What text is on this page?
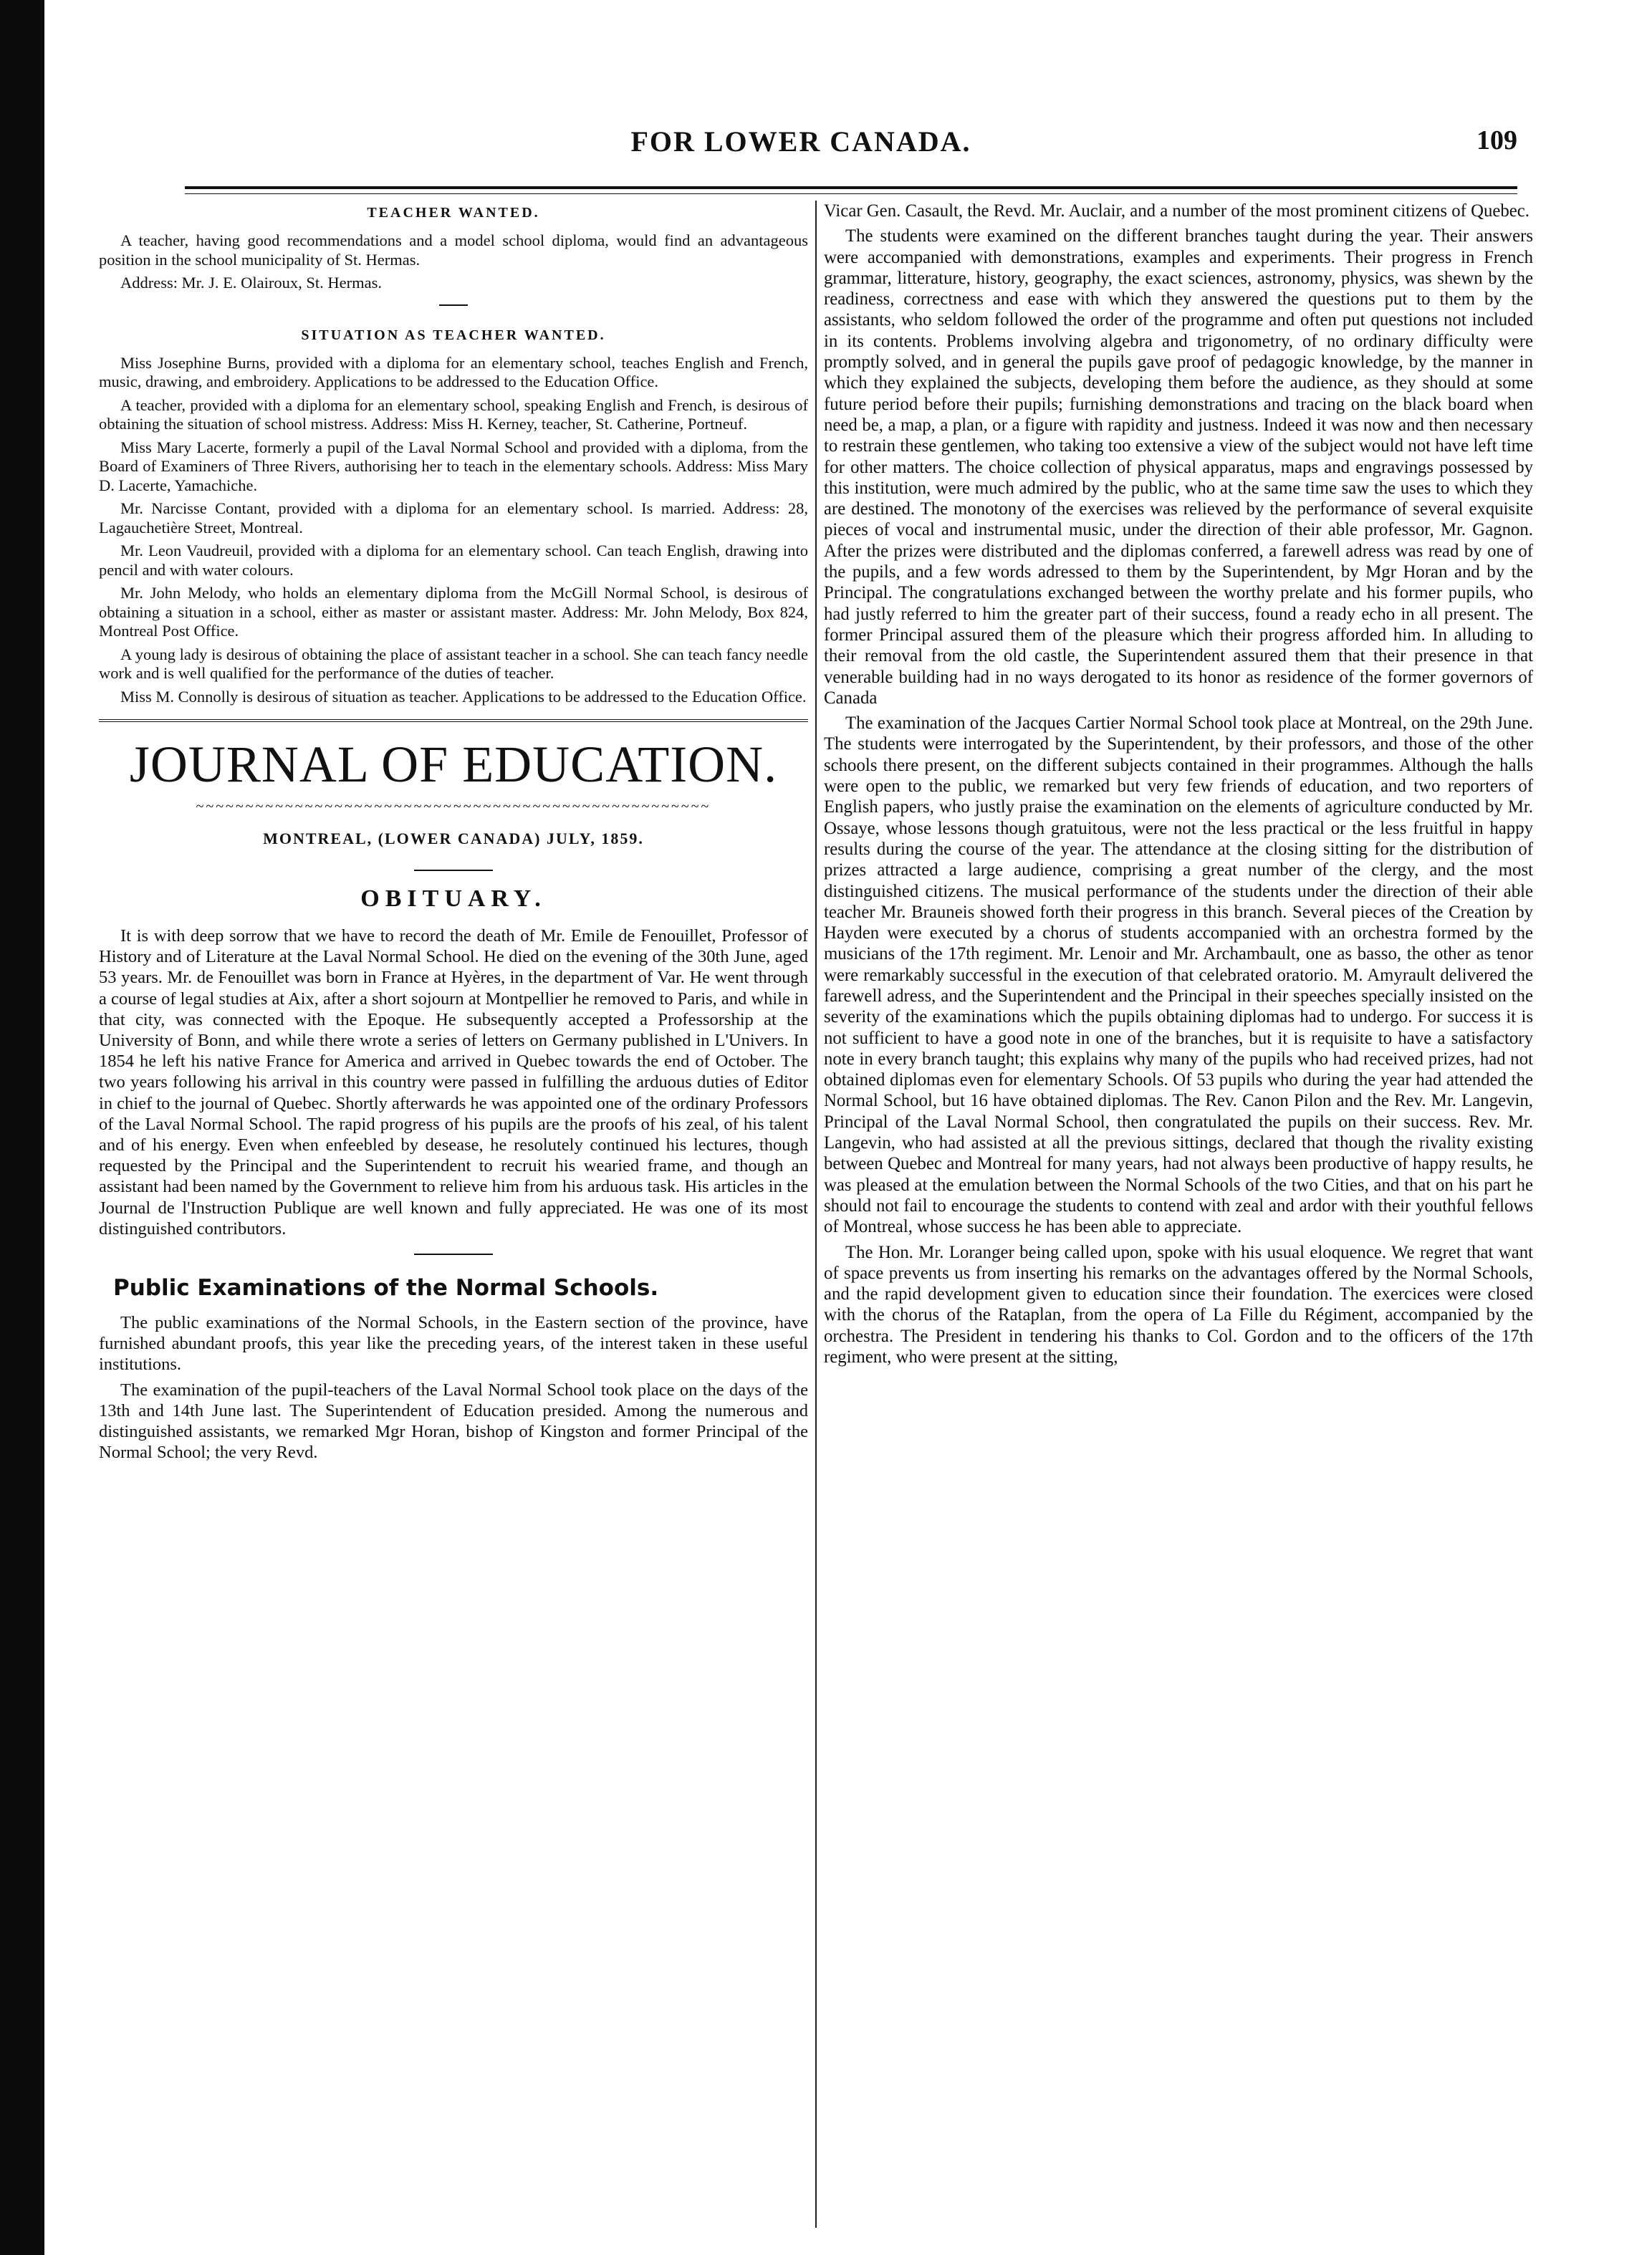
FOR LOWER CANADA.	109
TEACHER WANTED.

A teacher, having good recommendations and a model school diploma, would find an advantageous position in the school municipality of St. Hermas.

Address: Mr. J. E. Olairoux, St. Hermas.

SITUATION AS TEACHER WANTED.

Miss Josephine Burns, provided with a diploma for an elementary school, teaches English and French, music, drawing, and embroidery. Applications to be addressed to the Education Office.

A teacher, provided with a diploma for an elementary school, speaking English and French, is desirous of obtaining the situation of school mistress. Address: Miss H. Kerney, teacher, St. Catherine, Portneuf.

Miss Mary Lacerte, formerly a pupil of the Laval Normal School and provided with a diploma, from the Board of Examiners of Three Rivers, authorising her to teach in the elementary schools. Address: Miss Mary D. Lacerte, Yamachiche.

Mr. Narcisse Contant, provided with a diploma for an elementary school. Is married. Address: 28, Lagauchetière Street, Montreal.

Mr. Leon Vaudreuil, provided with a diploma for an elementary school. Can teach English, drawing into pencil and with water colours.

Mr. John Melody, who holds an elementary diploma from the McGill Normal School, is desirous of obtaining a situation in a school, either as master or assistant master. Address: Mr. John Melody, Box 824, Montreal Post Office.

A young lady is desirous of obtaining the place of assistant teacher in a school. She can teach fancy needle work and is well qualified for the performance of the duties of teacher.

Miss M. Connolly is desirous of situation as teacher. Applications to be addressed to the Education Office.

JOURNAL OF EDUCATION.
~~~~~~~~~~~~~~~~~~~~~~~~~~~~~~~~~~~~~~~~~~~~~~~~~~~~
MONTREAL, (LOWER CANADA) JULY, 1859.
OBITUARY.

It is with deep sorrow that we have to record the death of Mr. Emile de Fenouillet, Professor of History and of Literature at the Laval Normal School. He died on the evening of the 30th June, aged 53 years. Mr. de Fenouillet was born in France at Hyères, in the department of Var. He went through a course of legal studies at Aix, after a short sojourn at Montpellier he removed to Paris, and while in that city, was connected with the Epoque. He subsequently accepted a Professorship at the University of Bonn, and while there wrote a series of letters on Germany published in L'Univers. In 1854 he left his native France for America and arrived in Quebec towards the end of October. The two years following his arrival in this country were passed in fulfilling the arduous duties of Editor in chief to the journal of Quebec. Shortly afterwards he was appointed one of the ordinary Professors of the Laval Normal School. The rapid progress of his pupils are the proofs of his zeal, of his talent and of his energy. Even when enfeebled by desease, he resolutely continued his lectures, though requested by the Principal and the Superintendent to recruit his wearied frame, and though an assistant had been named by the Government to relieve him from his arduous task. His articles in the Journal de l'Instruction Publique are well known and fully appreciated. He was one of its most distinguished contributors.

Public Examinations of the Normal Schools.

The public examinations of the Normal Schools, in the Eastern section of the province, have furnished abundant proofs, this year like the preceding years, of the interest taken in these useful institutions.

The examination of the pupil-teachers of the Laval Normal School took place on the days of the 13th and 14th June last. The Superintendent of Education presided. Among the numerous and distinguished assistants, we remarked Mgr Horan, bishop of Kingston and former Principal of the Normal School; the very Revd.

Vicar Gen. Casault, the Revd. Mr. Auclair, and a number of the most prominent citizens of Quebec.

The students were examined on the different branches taught during the year. Their answers were accompanied with demonstrations, examples and experiments. Their progress in French grammar, litterature, history, geography, the exact sciences, astronomy, physics, was shewn by the readiness, correctness and ease with which they answered the questions put to them by the assistants, who seldom followed the order of the programme and often put questions not included in its contents. Problems involving algebra and trigonometry, of no ordinary difficulty were promptly solved, and in general the pupils gave proof of pedagogic knowledge, by the manner in which they explained the subjects, developing them before the audience, as they should at some future period before their pupils; furnishing demonstrations and tracing on the black board when need be, a map, a plan, or a figure with rapidity and justness. Indeed it was now and then necessary to restrain these gentlemen, who taking too extensive a view of the subject would not have left time for other matters. The choice collection of physical apparatus, maps and engravings possessed by this institution, were much admired by the public, who at the same time saw the uses to which they are destined. The monotony of the exercises was relieved by the performance of several exquisite pieces of vocal and instrumental music, under the direction of their able professor, Mr. Gagnon. After the prizes were distributed and the diplomas conferred, a farewell adress was read by one of the pupils, and a few words adressed to them by the Superintendent, by Mgr Horan and by the Principal. The congratulations exchanged between the worthy prelate and his former pupils, who had justly referred to him the greater part of their success, found a ready echo in all present. The former Principal assured them of the pleasure which their progress afforded him. In alluding to their removal from the old castle, the Superintendent assured them that their presence in that venerable building had in no ways derogated to its honor as residence of the former governors of Canada

The examination of the Jacques Cartier Normal School took place at Montreal, on the 29th June. The students were interrogated by the Superintendent, by their professors, and those of the other schools there present, on the different subjects contained in their programmes. Although the halls were open to the public, we remarked but very few friends of education, and two reporters of English papers, who justly praise the examination on the elements of agriculture conducted by Mr. Ossaye, whose lessons though gratuitous, were not the less practical or the less fruitful in happy results during the course of the year. The attendance at the closing sitting for the distribution of prizes attracted a large audience, comprising a great number of the clergy, and the most distinguished citizens. The musical performance of the students under the direction of their able teacher Mr. Brauneis showed forth their progress in this branch. Several pieces of the Creation by Hayden were executed by a chorus of students accompanied with an orchestra formed by the musicians of the 17th regiment. Mr. Lenoir and Mr. Archambault, one as basso, the other as tenor were remarkably successful in the execution of that celebrated oratorio. M. Amyrault delivered the farewell adress, and the Superintendent and the Principal in their speeches specially insisted on the severity of the examinations which the pupils obtaining diplomas had to undergo. For success it is not sufficient to have a good note in one of the branches, but it is requisite to have a satisfactory note in every branch taught; this explains why many of the pupils who had received prizes, had not obtained diplomas even for elementary Schools. Of 53 pupils who during the year had attended the Normal School, but 16 have obtained diplomas. The Rev. Canon Pilon and the Rev. Mr. Langevin, Principal of the Laval Normal School, then congratulated the pupils on their success. Rev. Mr. Langevin, who had assisted at all the previous sittings, declared that though the rivality existing between Quebec and Montreal for many years, had not always been productive of happy results, he was pleased at the emulation between the Normal Schools of the two Cities, and that on his part he should not fail to encourage the students to contend with zeal and ardor with their youthful fellows of Montreal, whose success he has been able to appreciate.

The Hon. Mr. Loranger being called upon, spoke with his usual eloquence. We regret that want of space prevents us from inserting his remarks on the advantages offered by the Normal Schools, and the rapid development given to education since their foundation. The exercices were closed with the chorus of the Rataplan, from the opera of La Fille du Régiment, accompanied by the orchestra. The President in tendering his thanks to Col. Gordon and to the officers of the 17th regiment, who were present at the sitting,
